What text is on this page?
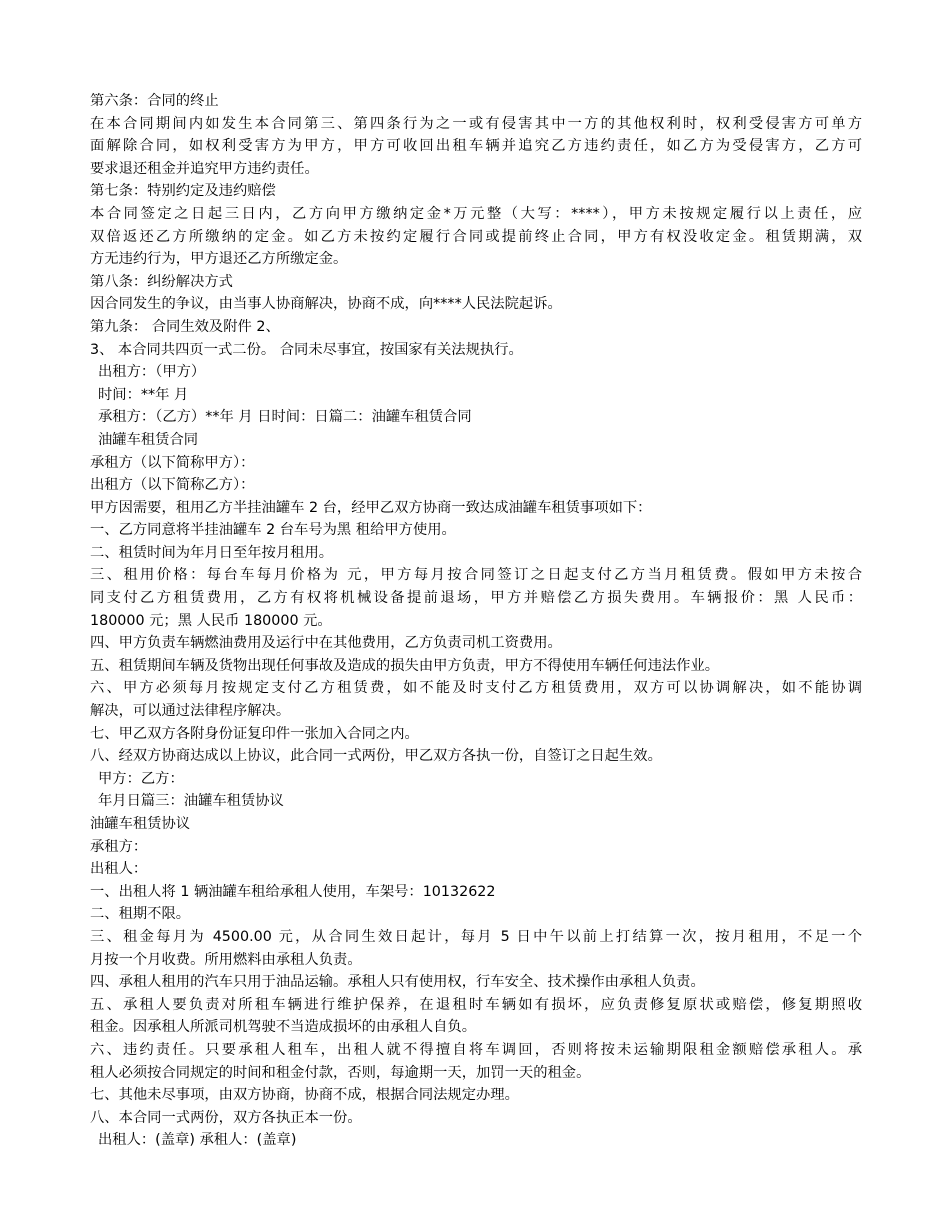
第六条：合同的终止
在本合同期间内如发生本合同第三、第四条行为之一或有侵害其中一方的其他权利时，权利受侵害方可单方
面解除合同，如权利受害方为甲方，甲方可收回出租车辆并追究乙方违约责任，如乙方为受侵害方，乙方可
要求退还租金并追究甲方违约责任。
第七条：特别约定及违约赔偿
本合同签定之日起三日内，乙方向甲方缴纳定金*万元整（大写：****），甲方未按规定履行以上责任，应
双倍返还乙方所缴纳的定金。如乙方未按约定履行合同或提前终止合同，甲方有权没收定金。租赁期满，双
方无违约行为，甲方退还乙方所缴定金。
第八条：纠纷解决方式
因合同发生的争议，由当事人协商解决，协商不成，向****人民法院起诉。
第九条： 合同生效及附件 2、
3、 本合同共四页一式二份。 合同未尽事宜，按国家有关法规执行。
出租方：（甲方）
时间：**年 月
承租方：（乙方）**年 月 日时间：日篇二：油罐车租赁合同
油罐车租赁合同
承租方（以下简称甲方）：
出租方（以下简称乙方）：
甲方因需要，租用乙方半挂油罐车 2 台，经甲乙双方协商一致达成油罐车租赁事项如下：
一、乙方同意将半挂油罐车 2 台车号为黑 租给甲方使用。
二、租赁时间为年月日至年按月租用。
三、租用价格：每台车每月价格为 元，甲方每月按合同签订之日起支付乙方当月租赁费。假如甲方未按合
同支付乙方租赁费用，乙方有权将机械设备提前退场，甲方并赔偿乙方损失费用。车辆报价：黑 人民币：
180000 元；黑 人民币 180000 元。
四、甲方负责车辆燃油费用及运行中在其他费用，乙方负责司机工资费用。
五、租赁期间车辆及货物出现任何事故及造成的损失由甲方负责，甲方不得使用车辆任何违法作业。
六、甲方必须每月按规定支付乙方租赁费，如不能及时支付乙方租赁费用，双方可以协调解决，如不能协调
解决，可以通过法律程序解决。
七、甲乙双方各附身份证复印件一张加入合同之内。
八、经双方协商达成以上协议，此合同一式两份，甲乙双方各执一份，自签订之日起生效。
甲方：乙方：
年月日篇三：油罐车租赁协议
油罐车租赁协议
承租方：
出租人：
一、出租人将 1 辆油罐车租给承租人使用，车架号：10132622
二、租期不限。
三、租金每月为 4500.00 元，从合同生效日起计，每月 5 日中午以前上打结算一次，按月租用，不足一个
月按一个月收费。所用燃料由承租人负责。
四、承租人租用的汽车只用于油品运输。承租人只有使用权，行车安全、技术操作由承租人负责。
五、承租人要负责对所租车辆进行维护保养，在退租时车辆如有损坏，应负责修复原状或赔偿，修复期照收
租金。因承租人所派司机驾驶不当造成损坏的由承租人自负。
六、违约责任。只要承租人租车，出租人就不得擅自将车调回，否则将按未运输期限租金额赔偿承租人。承
租人必须按合同规定的时间和租金付款，否则，每逾期一天，加罚一天的租金。
七、其他未尽事项，由双方协商，协商不成，根据合同法规定办理。
八、本合同一式两份，双方各执正本一份。
出租人：(盖章) 承租人：(盖章)
